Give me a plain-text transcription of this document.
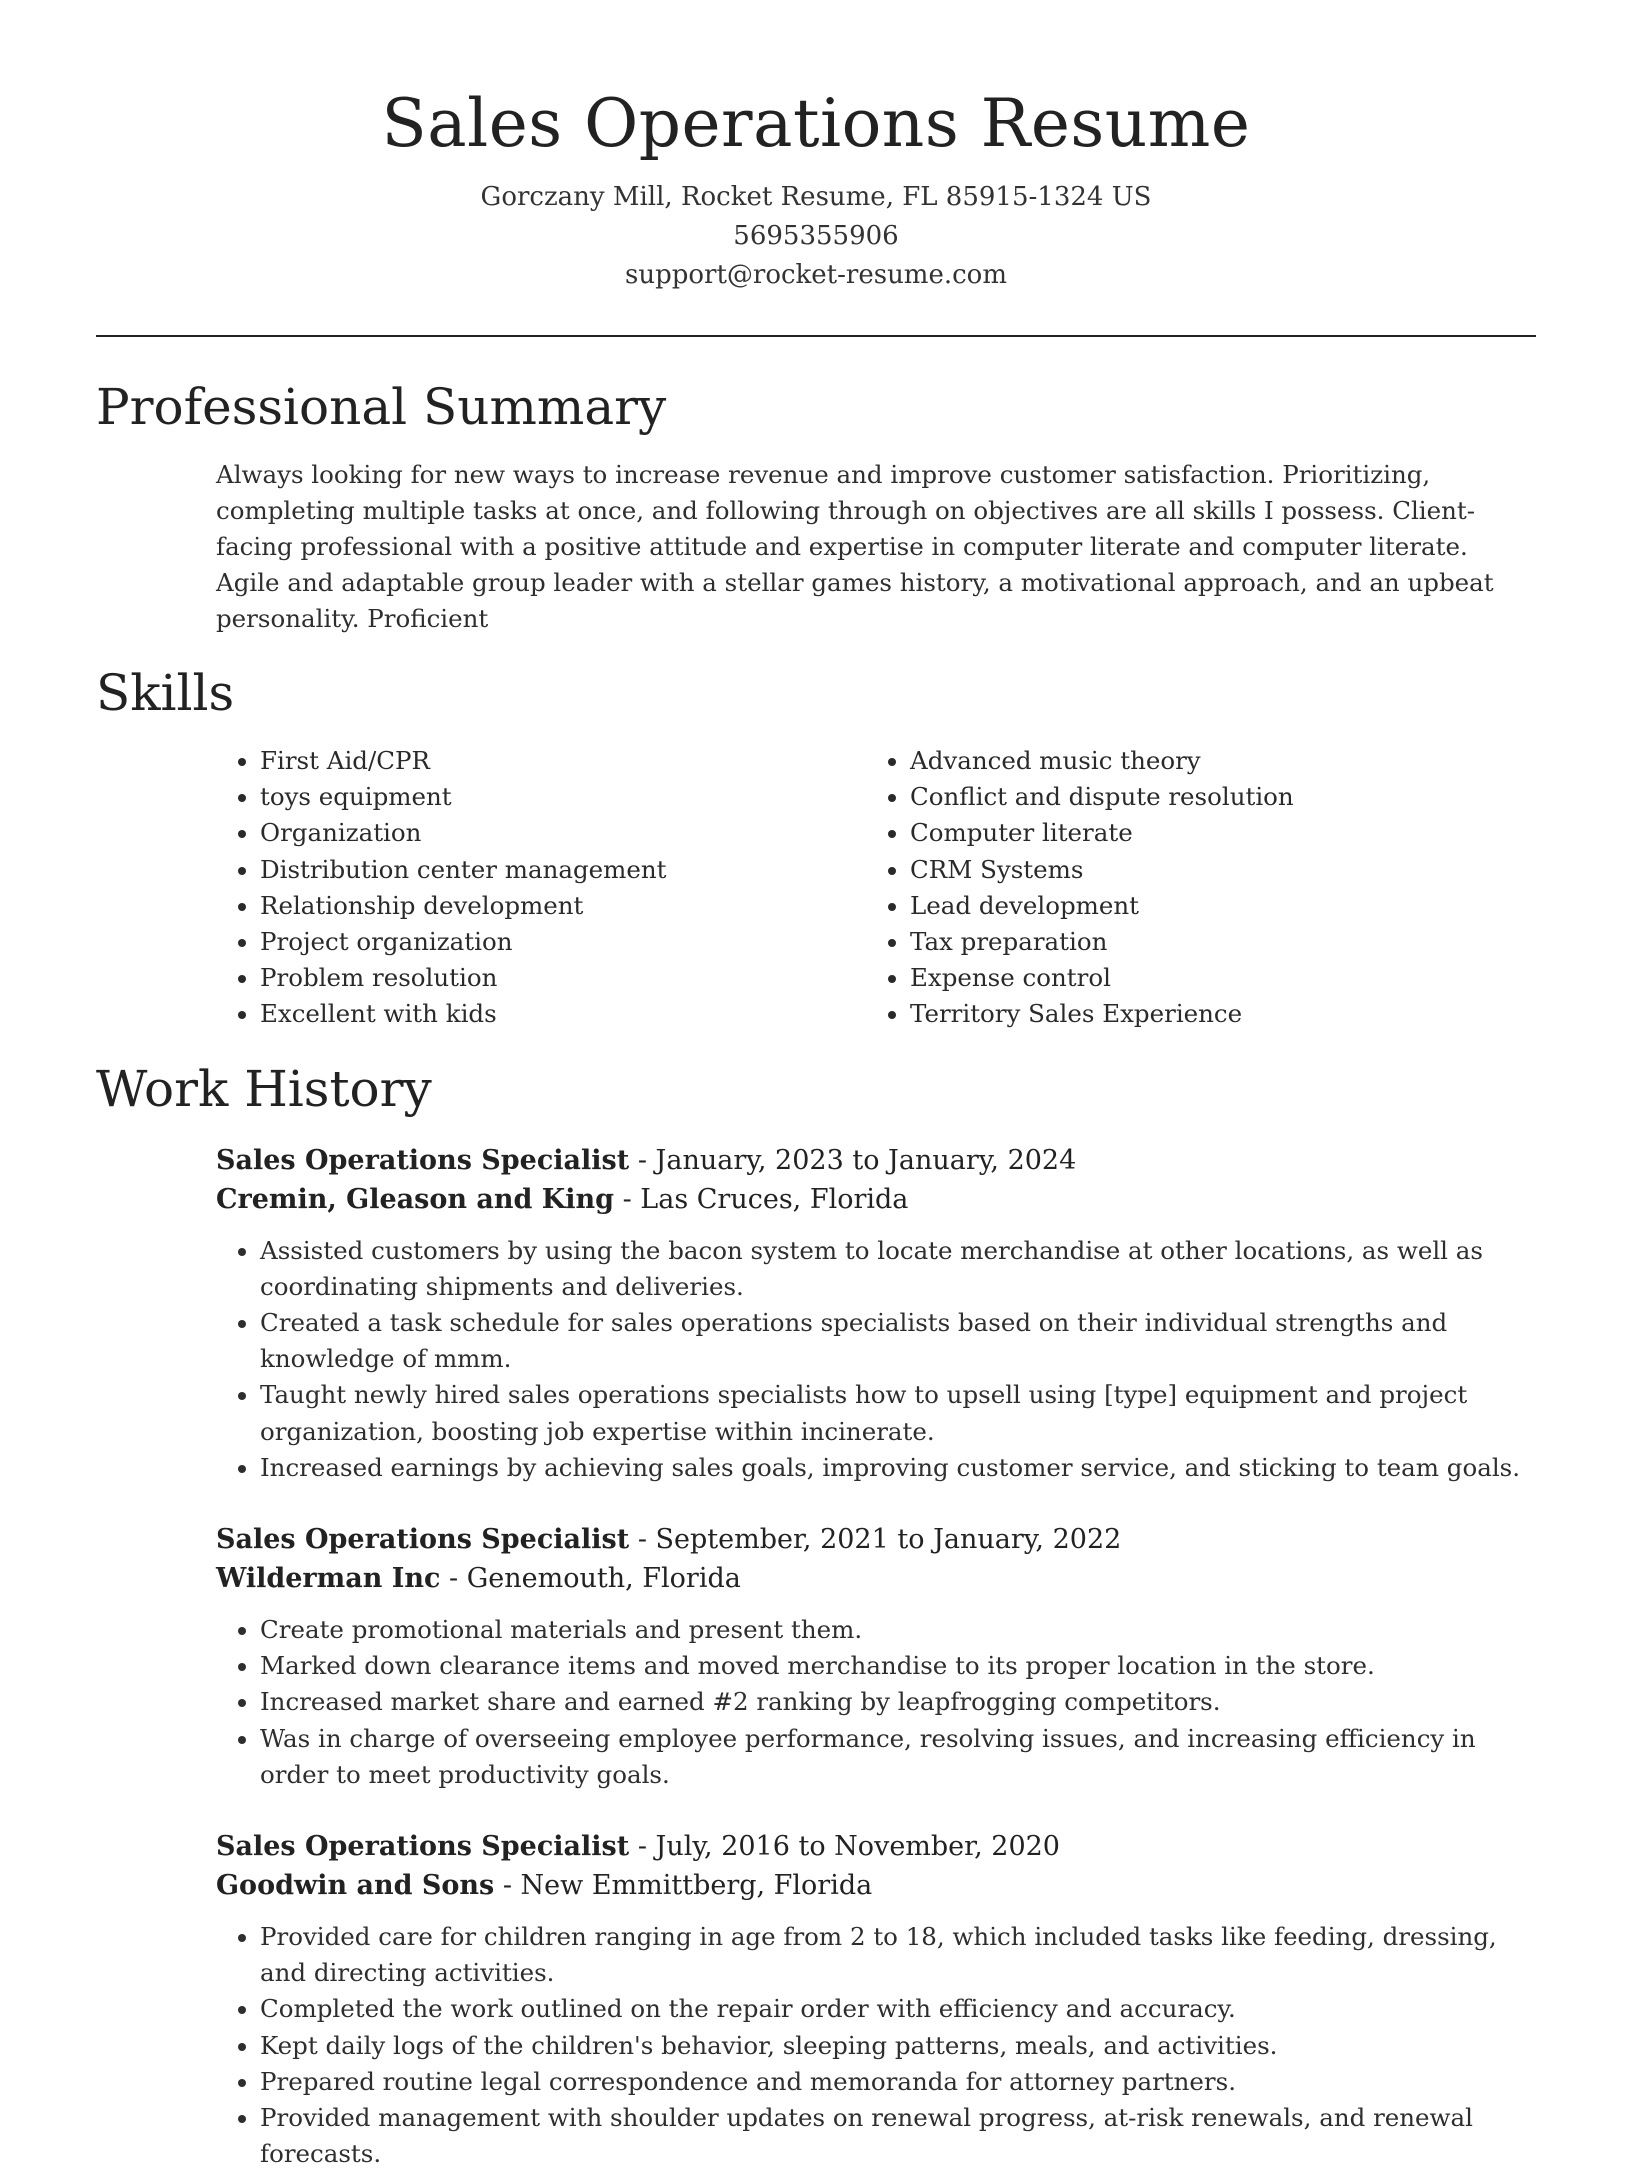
Sales Operations Resume
Gorczany Mill, Rocket Resume, FL 85915-1324 US
5695355906
support@rocket-resume.com
Professional Summary

Always looking for new ways to increase revenue and improve customer satisfaction. Prioritizing, completing multiple tasks at once, and following through on objectives are all skills I possess. Client-facing professional with a positive attitude and expertise in computer literate and computer literate. Agile and adaptable group leader with a stellar games history, a motivational approach, and an upbeat personality. Proficient

Skills
• First Aid/CPR
• toys equipment
• Organization
• Distribution center management
• Relationship development
• Project organization
• Problem resolution
• Excellent with kids
• Advanced music theory
• Conflict and dispute resolution
• Computer literate
• CRM Systems
• Lead development
• Tax preparation
• Expense control
• Territory Sales Experience
Work History
Sales Operations Specialist - January, 2023 to January, 2024
Cremin, Gleason and King - Las Cruces, Florida
• Assisted customers by using the bacon system to locate merchandise at other locations, as well as coordinating shipments and deliveries.
• Created a task schedule for sales operations specialists based on their individual strengths and knowledge of mmm.
• Taught newly hired sales operations specialists how to upsell using [type] equipment and project organization, boosting job expertise within incinerate.
• Increased earnings by achieving sales goals, improving customer service, and sticking to team goals.
Sales Operations Specialist - September, 2021 to January, 2022
Wilderman Inc - Genemouth, Florida
• Create promotional materials and present them.
• Marked down clearance items and moved merchandise to its proper location in the store.
• Increased market share and earned #2 ranking by leapfrogging competitors.
• Was in charge of overseeing employee performance, resolving issues, and increasing efficiency in order to meet productivity goals.
Sales Operations Specialist - July, 2016 to November, 2020
Goodwin and Sons - New Emmittberg, Florida
• Provided care for children ranging in age from 2 to 18, which included tasks like feeding, dressing, and directing activities.
• Completed the work outlined on the repair order with efficiency and accuracy.
• Kept daily logs of the children's behavior, sleeping patterns, meals, and activities.
• Prepared routine legal correspondence and memoranda for attorney partners.
• Provided management with shoulder updates on renewal progress, at-risk renewals, and renewal forecasts.
